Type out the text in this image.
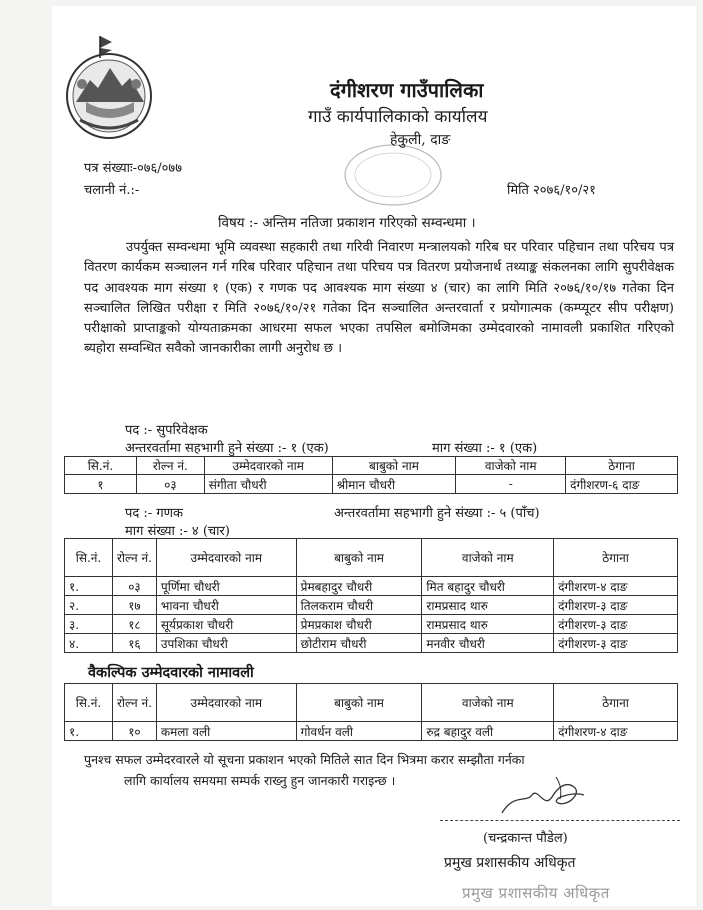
दंगीशरण गाउँपालिका
गाउँ कार्यपालिकाको कार्यालय
हेकुली, दाङ
पत्र संख्याः-०७६/०७७
चलानी नं.:-	मिति २०७६/१०/२१
विषय :- अन्तिम नतिजा प्रकाशन गरिएको सम्वन्धमा ।

उपर्युक्त सम्वन्धमा भूमि व्यवस्था सहकारी तथा गरिवी निवारण मन्त्रालयको गरिब घर परिवार पहिचान तथा परिचय पत्र वितरण कार्यकम सञ्चालन गर्न गरिब परिवार पहिचान तथा परिचय पत्र वितरण प्रयोजनार्थ तथ्याङ्क संकलनका लागि सुपरीवेक्षक पद आवश्यक माग संख्या १ (एक) र गणक पद आवश्यक माग संख्या ४ (चार) का लागि मिति २०७६/१०/१७ गतेका दिन सञ्चालित लिखित परीक्षा र मिति २०७६/१०/२१ गतेका दिन सञ्चालित अन्तरवार्ता र प्रयोगात्मक (कम्प्यूटर सीप परीक्षण) परीक्षाको प्राप्ताङ्कको योग्यताक्रमका आधरमा सफल भएका तपसिल बमोजिमका उम्मेदवारको नामावली प्रकाशित गरिएको ब्यहोरा सम्वन्धित सवैको जानकारीका लागी अनुरोध छ ।

पद :- सुपरिवेक्षक
अन्तरवर्तामा सहभागी हुने संख्या :- १ (एक)	माग संख्या :- १ (एक)
सि.नं.	रोल्न नं.	उम्मेदवारको नाम	बाबुको नाम	वाजेको नाम	ठेगाना
१	०३	संगीता चौधरी	श्रीमान चौधरी	-	दंगीशरण-६ दाङ
पद :- गणक	अन्तरवर्तामा सहभागी हुने संख्या :- ५ (पाँच)
माग संख्या :- ४ (चार)
सि.नं.	रोल्न नं.	उम्मेदवारको नाम	बाबुको नाम	वाजेको नाम	ठेगाना
१.	०३	पूर्णिमा चौधरी	प्रेमबहादुर चौधरी	मित बहादुर चौधरी	दंगीशरण-४ दाङ
२.	१७	भावना चौधरी	तिलकराम चौधरी	रामप्रसाद थारु	दंगीशरण-३ दाङ
३.	१८	सूर्यप्रकाश चौधरी	प्रेमप्रकाश चौधरी	रामप्रसाद थारु	दंगीशरण-३ दाङ
४.	१६	उपशिका चौधरी	छोटीराम चौधरी	मनवीर चौधरी	दंगीशरण-३ दाङ
वैकल्पिक उम्मेदवारको नामावली
सि.नं.	रोल्न नं.	उम्मेदवारको नाम	बाबुको नाम	वाजेको नाम	ठेगाना
१.	१०	कमला वली	गोवर्धन वली	रुद्र बहादुर वली	दंगीशरण-४ दाङ

पुनश्च सफल उम्मेदरवारले यो सूचना प्रकाशन भएको मितिले सात दिन भित्रमा करार सम्झौता गर्नका

लागि कार्यालय समयमा सम्पर्क राख्नु हुन जानकारी गराइन्छ ।

(चन्द्रकान्त पौडेल)
प्रमुख प्रशासकीय अधिकृत
प्रमुख प्रशासकीय अधिकृत
